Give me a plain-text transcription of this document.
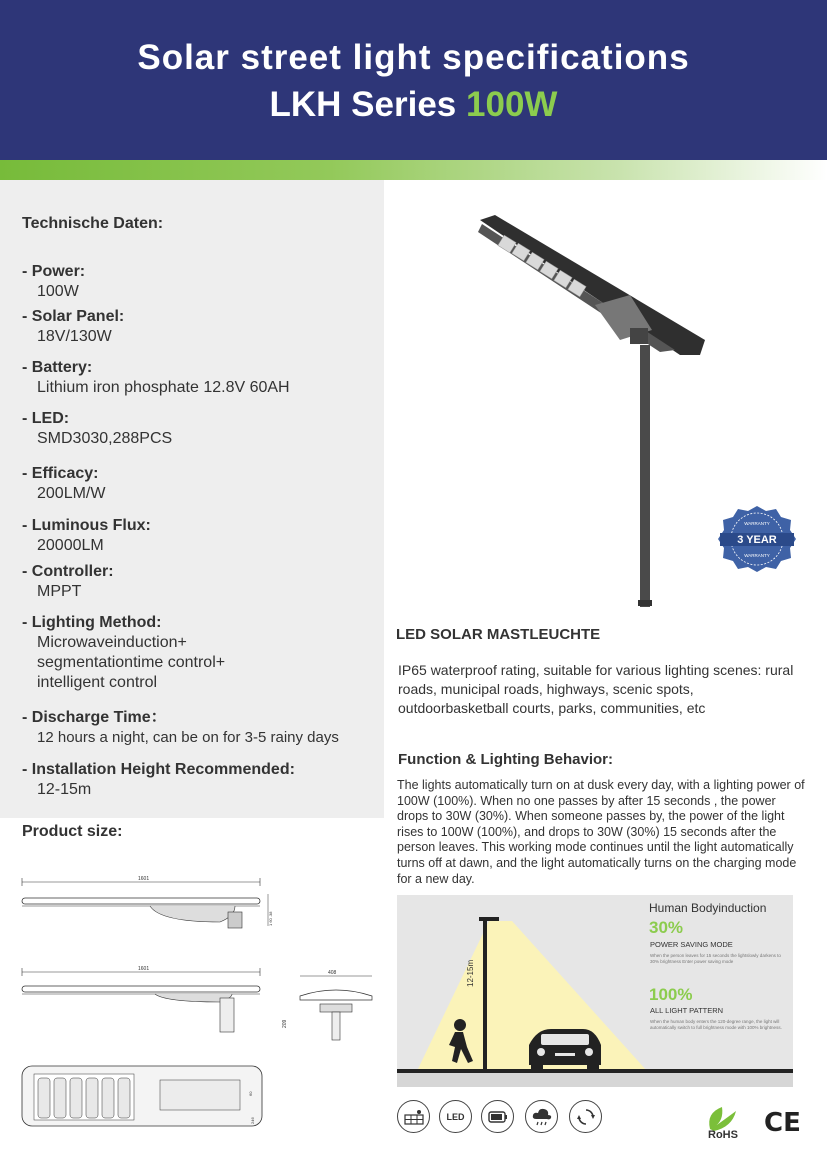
Solar street light specifications
LKH Series 100W
Technische Daten:
- Power:
100W
- Solar Panel:
18V/130W
- Battery:
Lithium iron phosphate 12.8V 60AH
- LED:
SMD3030,288PCS
- Efficacy:
200LM/W
- Luminous Flux:
20000LM
- Controller:
MPPT
- Lighting Method:
Microwaveinduction+
segmentationtime control+
intelligent control
- Discharge Time：
12 hours a night, can be on for 3-5 rainy days
- Installation Height Recommended:
12-15m
Product size:
1601
1 60 .38
1601
408
209
60
246
WARRANTY
3 YEAR
WARRANTY
LED SOLAR MASTLEUCHTE
IP65 waterproof rating, suitable for various lighting scenes: rural roads, municipal roads, highways, scenic spots, outdoorbasketball courts, parks, communities, etc
Function & Lighting Behavior:
The lights automatically turn on at dusk every day, with a lighting power of 100W (100%). When no one passes by after 15 seconds , the power drops to 30W (30%). When someone passes by, the power of the light rises to 100W (100%), and drops to 30W (30%) 15 seconds after the person leaves. This working mode continues until the light automatically turns off at dawn, and the light automatically turns on the charging mode for a new day.
12-15m
Human Bodyinduction
30%
POWER SAVING MODE
When the person leaves for 15 seconds the lightslowly darkens to 30% brightness Enter power saving mode
100%
ALL LIGHT PATTERN
When the human body enters the 120-degree range, the light will automatically switch to full brightness mode with 100% brightness.
LED
RoHS CE
